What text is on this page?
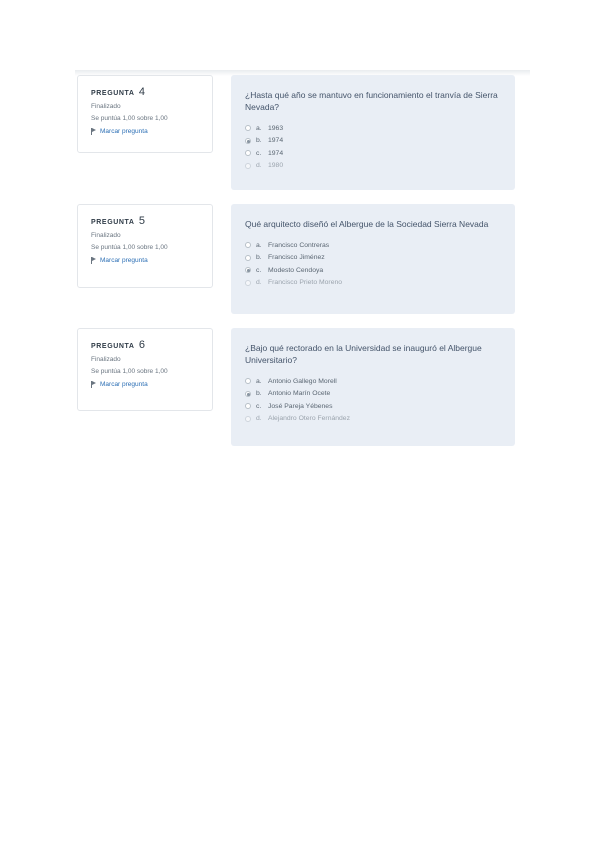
PREGUNTA 4
Finalizado
Se puntúa 1,00 sobre 1,00
Marcar pregunta
¿Hasta qué año se mantuvo en funcionamiento el tranvía de Sierra Nevada?
a. 1963
b. 1974
c. 1974
d. 1980
PREGUNTA 5
Finalizado
Se puntúa 1,00 sobre 1,00
Marcar pregunta
Qué arquitecto diseñó el Albergue de la Sociedad Sierra Nevada
a. Francisco Contreras
b. Francisco Jiménez
c. Modesto Cendoya
d. Francisco Prieto Moreno
PREGUNTA 6
Finalizado
Se puntúa 1,00 sobre 1,00
Marcar pregunta
¿Bajo qué rectorado en la Universidad se inauguró el Albergue Universitario?
a. Antonio Gallego Morell
b. Antonio Marín Ocete
c. José Pareja Yébenes
d. Alejandro Otero Fernández
